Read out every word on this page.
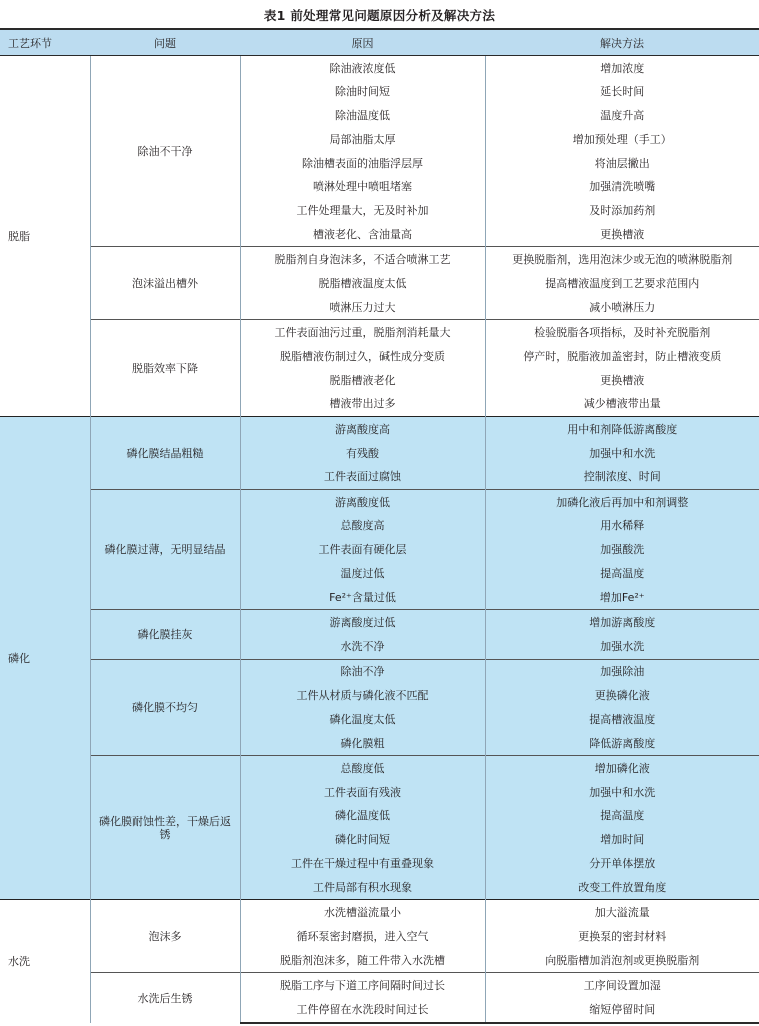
表1 前处理常见问题原因分析及解决方法
工艺环节	问题	原因	解决方法
脱脂	除油不干净	除油液浓度低	增加浓度
		除油时间短	延长时间
		除油温度低	温度升高
		局部油脂太厚	增加预处理（手工）
		除油槽表面的油脂浮层厚	将油层撇出
		喷淋处理中喷咀堵塞	加强清洗喷嘴
		工件处理量大，无及时补加	及时添加药剂
		槽液老化、含油量高	更换槽液
	泡沫溢出槽外	脱脂剂自身泡沫多，不适合喷淋工艺	更换脱脂剂，选用泡沫少或无泡的喷淋脱脂剂
		脱脂槽液温度太低	提高槽液温度到工艺要求范围内
		喷淋压力过大	减小喷淋压力
	脱脂效率下降	工件表面油污过重，脱脂剂消耗量大	检验脱脂各项指标，及时补充脱脂剂
		脱脂槽液伤制过久，碱性成分变质	停产时，脱脂液加盖密封，防止槽液变质
		脱脂槽液老化	更换槽液
		槽液带出过多	减少槽液带出量
磷化	磷化膜结晶粗糙	游离酸度高	用中和剂降低游离酸度
		有残酸	加强中和水洗
		工件表面过腐蚀	控制浓度、时间
	磷化膜过薄，无明显结晶	游离酸度低	加磷化液后再加中和剂调整
		总酸度高	用水稀释
		工件表面有硬化层	加强酸洗
		温度过低	提高温度
		Fe²⁺含量过低	增加Fe²⁺
	磷化膜挂灰	游离酸度过低	增加游离酸度
		水洗不净	加强水洗
	磷化膜不均匀	除油不净	加强除油
		工件从材质与磷化液不匹配	更换磷化液
		磷化温度太低	提高槽液温度
		磷化膜粗	降低游离酸度
	磷化膜耐蚀性差，干燥后返锈	总酸度低	增加磷化液
		工件表面有残液	加强中和水洗
		磷化温度低	提高温度
		磷化时间短	增加时间
		工件在干燥过程中有重叠现象	分开单体摆放
		工件局部有积水现象	改变工件放置角度
水洗	泡沫多	水洗槽溢流量小	加大溢流量
		循环泵密封磨损，进入空气	更换泵的密封材料
		脱脂剂泡沫多，随工件带入水洗槽	向脱脂槽加消泡剂或更换脱脂剂
	水洗后生锈	脱脂工序与下道工序间隔时间过长	工序间设置加湿
		工件停留在水洗段时间过长	缩短停留时间
